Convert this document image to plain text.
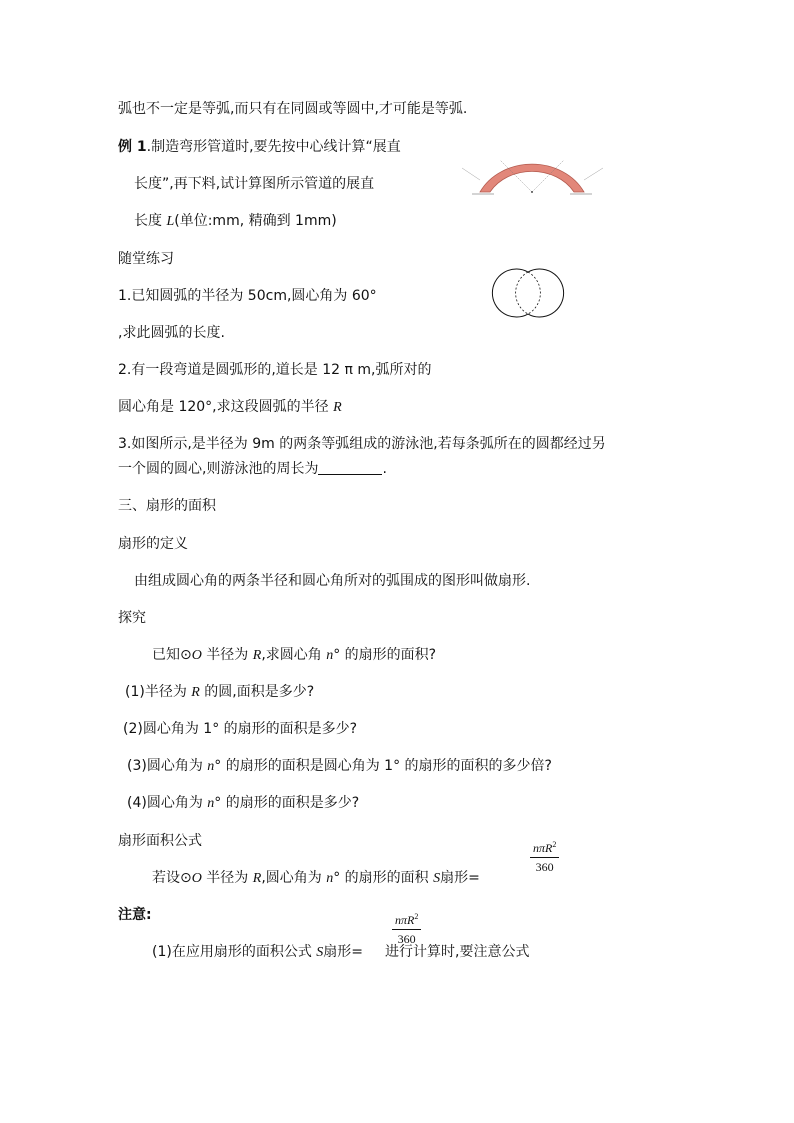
弧也不一定是等弧,而只有在同圆或等圆中,才可能是等弧.
例 1.制造弯形管道时,要先按中心线计算“展直
长度”,再下料,试计算图所示管道的展直
长度 L(单位:mm, 精确到 1mm)
随堂练习
1.已知圆弧的半径为 50cm,圆心角为 60°
,求此圆弧的长度.
2.有一段弯道是圆弧形的,道长是 12 π m,弧所对的
圆心角是 120°,求这段圆弧的半径 R
3.如图所示,是半径为 9m 的两条等弧组成的游泳池,若每条弧所在的圆都经过另
一个圆的圆心,则游泳池的周长为	.
三、扇形的面积
扇形的定义
由组成圆心角的两条半径和圆心角所对的弧围成的图形叫做扇形.
探究
已知⊙O 半径为 R,求圆心角 n° 的扇形的面积?
(1)半径为 R 的圆,面积是多少?
(2)圆心角为 1° 的扇形的面积是多少?
(3)圆心角为 n° 的扇形的面积是圆心角为 1° 的扇形的面积的多少倍?
(4)圆心角为 n° 的扇形的面积是多少?
扇形面积公式
若设⊙O 半径为 R,圆心角为 n° 的扇形的面积 S扇形=
nπR$^2$
360
注意:
(1)在应用扇形的面积公式 S扇形= 进行计算时,要注意公式
nπR$^2$
360
